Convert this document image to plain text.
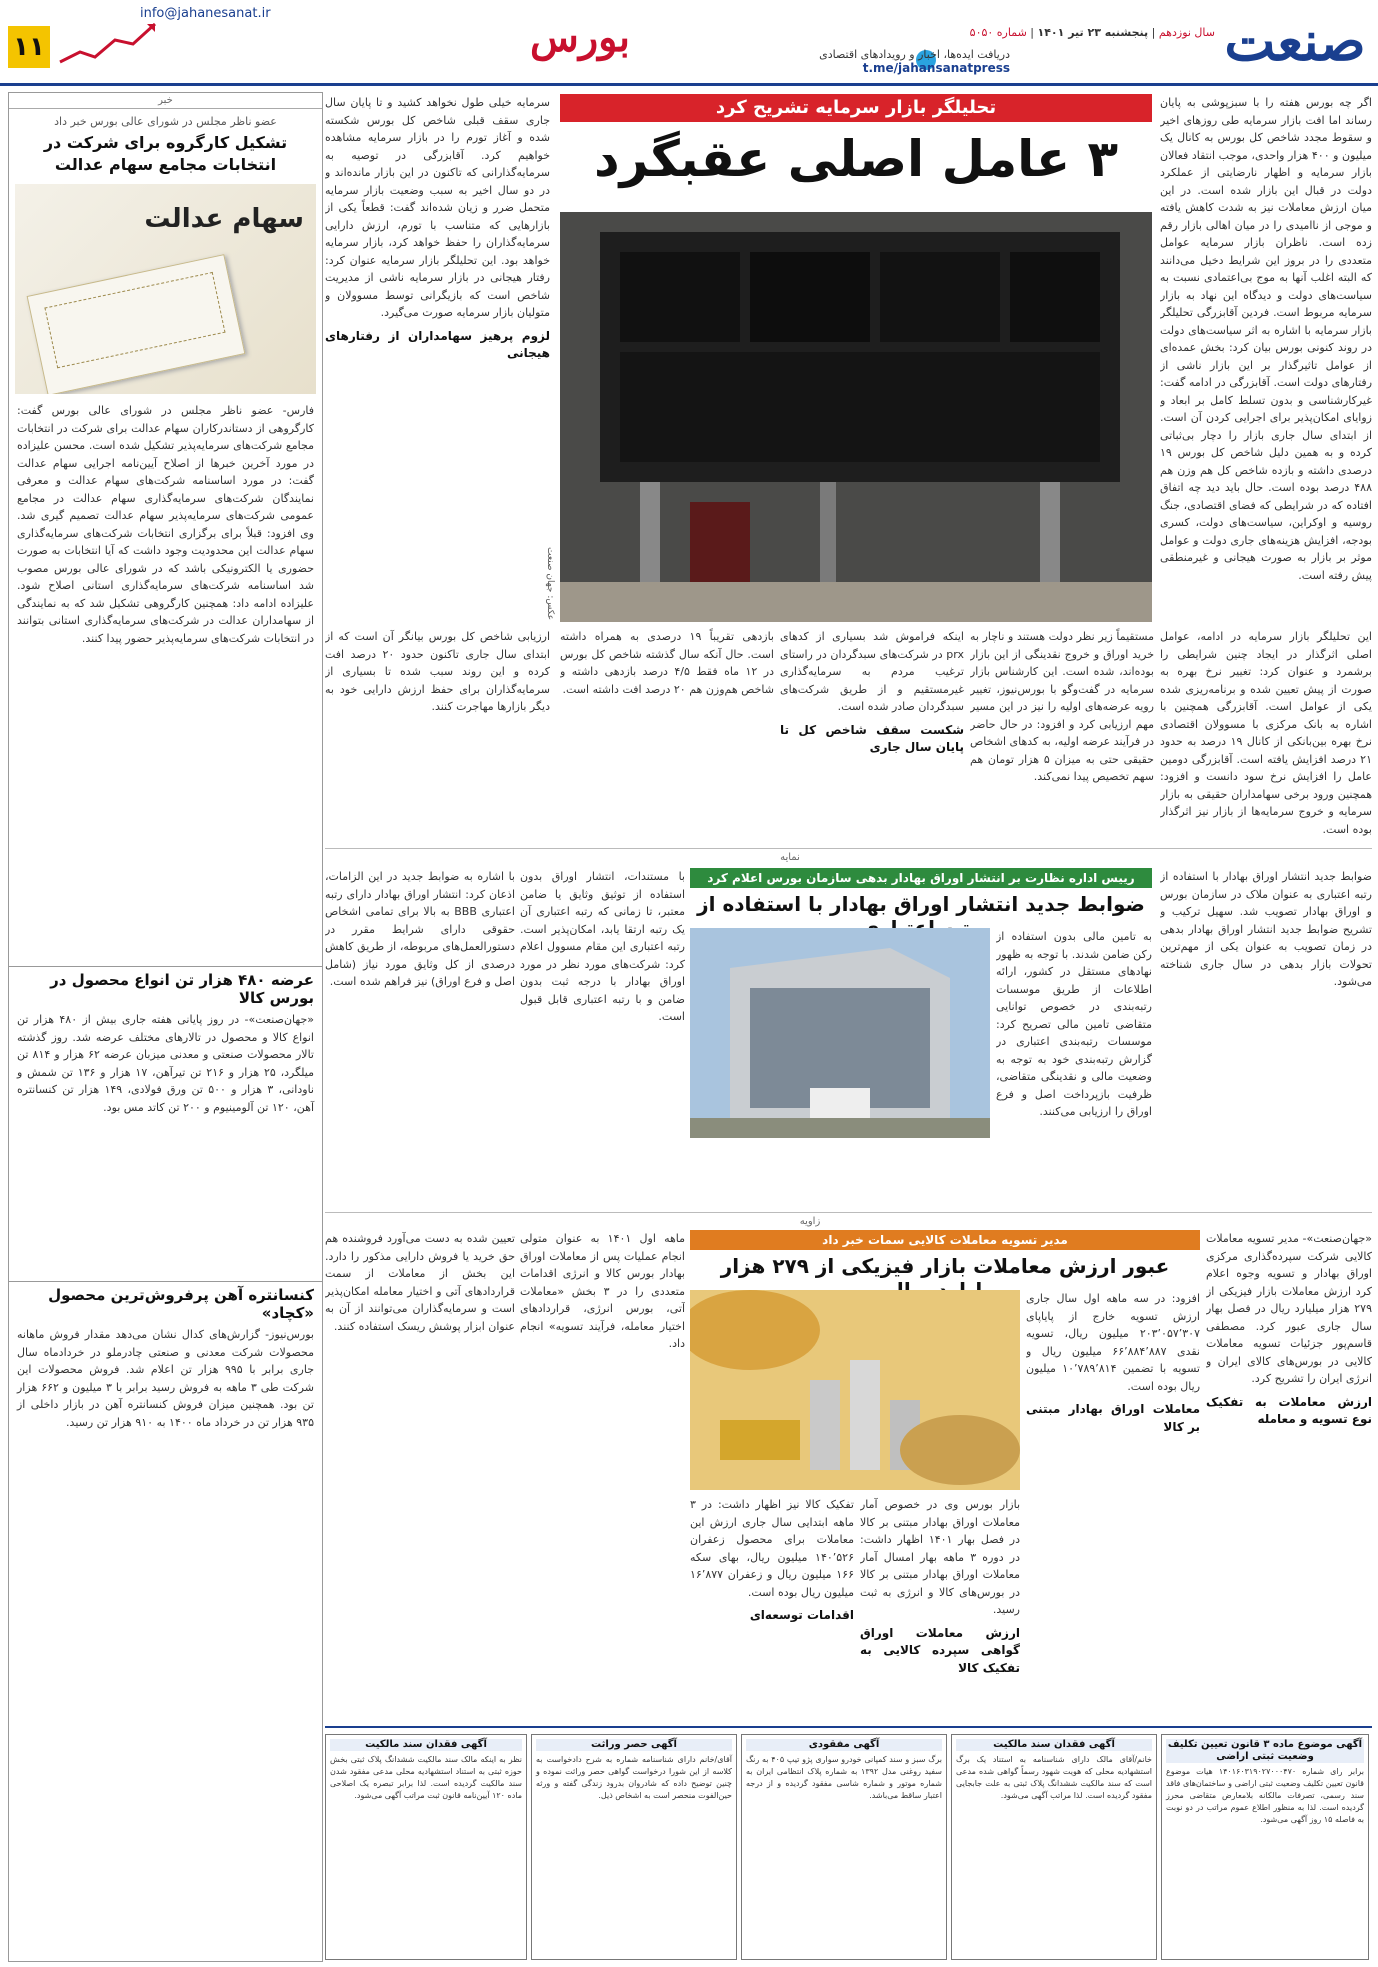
۱۱
info@jahanesanat.ir
بورس	دریافت ایده‌ها، اخبار و رویدادهای اقتصادی
t.me/jahansanatpress
سال نوزدهم | پنجشنبه ۲۳ تیر ۱۴۰۱ | شماره ۵۰۵۰	صنعت
خبر
عضو ناظر مجلس در شورای عالی بورس خبر داد
تشکیل کارگروه برای شرکت در انتخابات مجامع سهام عدالت
سهام عدالت

فارس- عضو ناظر مجلس در شورای عالی بورس گفت: کارگروهی از دستاندرکاران سهام عدالت برای شرکت در انتخابات مجامع شرکت‌های سرمایه‌پذیر تشکیل شده است. محسن علیزاده در مورد آخرین خبرها از اصلاح آیین‌نامه اجرایی سهام عدالت گفت: در مورد اساسنامه شرکت‌های سهام عدالت و معرفی نمایندگان شرکت‌های سرمایه‌گذاری سهام عدالت در مجامع عمومی شرکت‌های سرمایه‌پذیر سهام عدالت تصمیم گیری شد. وی افزود: قبلاً برای برگزاری انتخابات شرکت‌های سرمایه‌گذاری سهام عدالت این محدودیت وجود داشت که آیا انتخابات به صورت حضوری یا الکترونیکی باشد که در شورای عالی بورس مصوب شد اساسنامه شرکت‌های سرمایه‌گذاری استانی اصلاح شود. علیزاده ادامه داد: همچنین کارگروهی تشکیل شد که به نمایندگی از سهامداران عدالت در شرکت‌های سرمایه‌گذاری استانی بتوانند در انتخابات شرکت‌های سرمایه‌پذیر حضور پیدا کنند.

عرضه ۴۸۰ هزار تن انواع محصول در بورس کالا
«جهان‌صنعت»- در روز پایانی هفته جاری بیش از ۴۸۰ هزار تن انواع کالا و محصول در تالارهای مختلف عرضه شد. روز گذشته تالار محصولات صنعتی و معدنی میزبان عرضه ۶۲ هزار و ۸۱۴ تن میلگرد، ۲۵ هزار و ۲۱۶ تن تیرآهن، ۱۷ هزار و ۱۳۶ تن شمش و ناودانی، ۳ هزار و ۵۰۰ تن ورق فولادی، ۱۴۹ هزار تن کنسانتره آهن، ۱۲۰ تن آلومینیوم و ۲۰۰ تن کاتد مس بود.
کنسانتره آهن پرفروش‌ترین محصول «کچاد»
بورس‌نیوز- گزارش‌های کدال نشان می‌دهد مقدار فروش ماهانه محصولات شرکت معدنی و صنعتی چادرملو در خردادماه سال جاری برابر با ۹۹۵ هزار تن اعلام شد. فروش محصولات این شرکت طی ۳ ماهه به فروش رسید برابر با ۳ میلیون و ۶۶۲ هزار تن بود. همچنین میزان فروش کنسانتره آهن در بازار داخلی از ۹۳۵ هزار تن در خرداد ماه ۱۴۰۰ به ۹۱۰ هزار تن رسید.

اگر چه بورس هفته را با سبزپوشی به پایان رساند اما افت بازار سرمایه طی روزهای اخیر و سقوط مجدد شاخص کل بورس به کانال یک میلیون و ۴۰۰ هزار واحدی، موجب انتقاد فعالان بازار سرمایه و اظهار نارضایتی از عملکرد دولت در قبال این بازار شده است. در این میان ارزش معاملات نیز به شدت کاهش یافته و موجی از ناامیدی را در میان اهالی بازار رقم زده است. ناظران بازار سرمایه عوامل متعددی را در بروز این شرایط دخیل می‌دانند که البته اغلب آنها به موج بی‌اعتمادی نسبت به سیاست‌های دولت و دیدگاه این نهاد به بازار سرمایه مربوط است. فردین آقابزرگی تحلیلگر بازار سرمایه با اشاره به اثر سیاست‌های دولت در روند کنونی بورس بیان کرد: بخش عمده‌ای از عوامل تاثیرگذار بر این بازار ناشی از رفتارهای دولت است. آقابزرگی در ادامه گفت: غیرکارشناسی و بدون تسلط کامل بر ابعاد و زوایای امکان‌پذیر برای اجرایی کردن آن است. از ابتدای سال جاری بازار را دچار بی‌ثباتی کرده و به همین دلیل شاخص کل بورس ۱۹ درصدی داشته و بازده شاخص کل هم وزن هم ۴۸۸ درصد بوده است. حال باید دید چه اتفاق افتاده که در شرایطی که فضای اقتصادی، جنگ روسیه و اوکراین، سیاست‌های دولت، کسری بودجه، افزایش هزینه‌های جاری دولت و عوامل موثر بر بازار به صورت هیجانی و غیرمنطقی پیش رفته است.

تحلیلگر بازار سرمایه تشریح کرد
۳ عامل اصلی عقبگرد
عکس: جهان صنعت

سرمایه خیلی طول نخواهد کشید و تا پایان سال جاری سقف قبلی شاخص کل بورس شکسته شده و آغاز تورم را در بازار سرمایه مشاهده خواهیم کرد. آقابزرگی در توصیه به سرمایه‌گذارانی که تاکنون در این بازار مانده‌اند و در دو سال اخیر به سبب وضعیت بازار سرمایه متحمل ضرر و زیان شده‌اند گفت: قطعاً یکی از بازارهایی که متناسب با تورم، ارزش دارایی سرمایه‌گذاران را حفظ خواهد کرد، بازار سرمایه خواهد بود. این تحلیلگر بازار سرمایه عنوان کرد: رفتار هیجانی در بازار سرمایه ناشی از مدیریت شاخص است که بازیگرانی توسط مسوولان و متولیان بازار سرمایه صورت می‌گیرد.

لزوم پرهیز سهامداران از رفتارهای هیجانی

این تحلیلگر بازار سرمایه در ادامه، عوامل اصلی اثرگذار در ایجاد چنین شرایطی را برشمرد و عنوان کرد: تغییر نرخ بهره به صورت از پیش تعیین شده و برنامه‌ریزی شده یکی از عوامل است. آقابزرگی همچنین با اشاره به بانک مرکزی با مسوولان اقتصادی نرخ بهره بین‌بانکی از کانال ۱۹ درصد به حدود ۲۱ درصد افزایش یافته است. آقابزرگی دومین عامل را افزایش نرخ سود دانست و افزود: همچنین ورود برخی سهامداران حقیقی به بازار سرمایه و خروج سرمایه‌ها از بازار نیز اثرگذار بوده است.

مستقیماً زیر نظر دولت هستند و ناچار به خرید اوراق و خروج نقدینگی از این بازار بوده‌اند، شده است. این کارشناس بازار سرمایه در گفت‌وگو با بورس‌نیوز، تغییر رویه عرضه‌های اولیه را نیز در این مسیر مهم ارزیابی کرد و افزود: در حال حاضر در فرآیند عرضه اولیه، به کدهای اشخاص حقیقی حتی به میزان ۵ هزار تومان هم سهم تخصیص پیدا نمی‌کند.

اینکه فراموش شد بسیاری از کدهای prx در شرکت‌های سبدگردان در راستای ترغیب مردم به سرمایه‌گذاری غیرمستقیم و از طریق شرکت‌های سبدگردان صادر شده است.

شکست سقف شاخص کل تا پایان سال جاری
بازدهی تقریباً ۱۹ درصدی به همراه داشته است. حال آنکه سال گذشته شاخص کل بورس در ۱۲ ماه فقط ۴/۵ درصد بازدهی داشته و شاخص هم‌وزن هم ۲۰ درصد افت داشته است.
ارزیابی شاخص کل بورس بیانگر آن است که از ابتدای سال جاری تاکنون حدود ۲۰ درصد افت کرده و این روند سبب شده تا بسیاری از سرمایه‌گذاران برای حفظ ارزش دارایی خود به دیگر بازارها مهاجرت کنند.
نمایه
ضوابط جدید انتشار اوراق بهادار با استفاده از رتبه اعتباری به عنوان ملاک در سازمان بورس و اوراق بهادار تصویب شد. سهیل ترکیب و تشریح ضوابط جدید انتشار اوراق بهادار بدهی در زمان تصویب به عنوان یکی از مهم‌ترین تحولات بازار بدهی در سال جاری شناخته می‌شود.
رییس اداره نظارت بر انتشار اوراق بهادار بدهی سازمان بورس اعلام کرد
ضوابط جدید انتشار اوراق بهادار با استفاده از
به تامین مالی بدون استفاده از رکن ضامن شدند. با توجه به ظهور نهادهای مستقل در کشور، ارائه اطلاعات از طریق موسسات رتبه‌بندی در خصوص توانایی متقاضی تامین مالی تصریح کرد: موسسات رتبه‌بندی اعتباری در گزارش رتبه‌بندی خود به توجه به وضعیت مالی و نقدینگی متقاضی، ظرفیت بازپرداخت اصل و فرع اوراق را ارزیابی می‌کنند.
با مستندات، انتشار اوراق بدون استفاده از توثیق وثایق یا ضامن معتبر، تا زمانی که رتبه اعتباری آن یک رتبه ارتقا یابد، امکان‌پذیر است. رتبه اعتباری این مقام مسوول اعلام کرد: شرکت‌های مورد نظر در مورد اوراق بهادار با درجه ثبت بدون ضامن و با رتبه اعتباری قابل قبول است.
با اشاره به ضوابط جدید در این الزامات، اذعان کرد: انتشار اوراق بهادار دارای رتبه اعتباری BBB به بالا برای تمامی اشخاص حقوقی دارای شرایط مقرر در دستورالعمل‌های مربوطه، از طریق کاهش درصدی از کل وثایق مورد نیاز (شامل اصل و فرع اوراق) نیز فراهم شده است.
زاویه

«جهان‌صنعت»- مدیر تسویه معاملات کالایی شرکت سپرده‌گذاری مرکزی اوراق بهادار و تسویه وجوه اعلام کرد ارزش معاملات بازار فیزیکی از ۲۷۹ هزار میلیارد ریال در فصل بهار سال جاری عبور کرد. مصطفی قاسم‌پور جزئیات تسویه معاملات کالایی در بورس‌های کالای ایران و انرژی ایران را تشریح کرد.

ارزش معاملات به تفکیک نوع تسویه و معامله
مدیر تسویه معاملات کالایی سمات خبر داد
عبور ارزش معاملات بازار فیزیکی از ۲۷۹ هزار

افزود: در سه ماهه اول سال جاری ارزش تسویه خارج از پایاپای ۲۰۳٬۰۵۷٬۳۰۷ میلیون ریال، تسویه نقدی ۶۶٬۸۸۴٬۸۸۷ میلیون ریال و تسویه با تضمین ۱۰٬۷۸۹٬۸۱۴ میلیون ریال بوده است.

معاملات اوراق بهادار مبتنی بر کالا

بازار بورس وی در خصوص آمار معاملات اوراق بهادار مبتنی بر کالا در فصل بهار ۱۴۰۱ اظهار داشت: در دوره ۳ ماهه بهار امسال آمار معاملات اوراق بهادار مبتنی بر کالا در بورس‌های کالا و انرژی به ثبت رسید.

ارزش معاملات اوراق گواهی سپرده کالایی به تفکیک کالا

تفکیک کالا نیز اظهار داشت: در ۳ ماهه ابتدایی سال جاری ارزش این معاملات برای محصول زعفران ۱۴۰٬۵۲۶ میلیون ریال، بهای سکه ۱۶۶ میلیون ریال و زعفران ۱۶٬۸۷۷ میلیون ریال بوده است.

اقدامات توسعه‌ای
ماهه اول ۱۴۰۱ به عنوان متولی انجام عملیات پس از معاملات اوراق بهادار بورس کالا و انرژی اقدامات متعددی را در ۳ بخش «معاملات آتی، بورس انرژی، قراردادهای اختیار معامله، فرآیند تسویه» انجام داد.
تعیین شده به دست می‌آورد فروشنده هم حق خرید یا فروش دارایی مذکور را دارد. این بخش از معاملات از سمت قراردادهای آتی و اختیار معامله امکان‌پذیر است و سرمایه‌گذاران می‌توانند از آن به عنوان ابزار پوشش ریسک استفاده کنند.
آگهی موضوع ماده ۳ قانون تعیین تکلیف وضعیت ثبتی اراضی
برابر رای شماره ۱۴۰۱۶۰۳۱۹۰۲۷۰۰۰۴۷۰ هیات موضوع قانون تعیین تکلیف وضعیت ثبتی اراضی و ساختمان‌های فاقد سند رسمی، تصرفات مالکانه بلامعارض متقاضی محرز گردیده است. لذا به منظور اطلاع عموم مراتب در دو نوبت به فاصله ۱۵ روز آگهی می‌شود.
آگهی فقدان سند مالکیت
خانم/آقای مالک دارای شناسنامه به استناد یک برگ استشهادیه محلی که هویت شهود رسماً گواهی شده مدعی است که سند مالکیت ششدانگ پلاک ثبتی به علت جابجایی مفقود گردیده است. لذا مراتب آگهی می‌شود.
آگهی مفقودی
برگ سبز و سند کمپانی خودرو سواری پژو تیپ ۴۰۵ به رنگ سفید روغنی مدل ۱۳۹۲ به شماره پلاک انتظامی ایران به شماره موتور و شماره شاسی مفقود گردیده و از درجه اعتبار ساقط می‌باشد.
آگهی حصر وراثت
آقای/خانم دارای شناسنامه شماره به شرح دادخواست به کلاسه از این شورا درخواست گواهی حصر وراثت نموده و چنین توضیح داده که شادروان بدرود زندگی گفته و ورثه حین‌الفوت منحصر است به اشخاص ذیل.
آگهی فقدان سند مالکیت
نظر به اینکه مالک سند مالکیت ششدانگ پلاک ثبتی بخش حوزه ثبتی به استناد استشهادیه محلی مدعی مفقود شدن سند مالکیت گردیده است. لذا برابر تبصره یک اصلاحی ماده ۱۲۰ آیین‌نامه قانون ثبت مراتب آگهی می‌شود.
